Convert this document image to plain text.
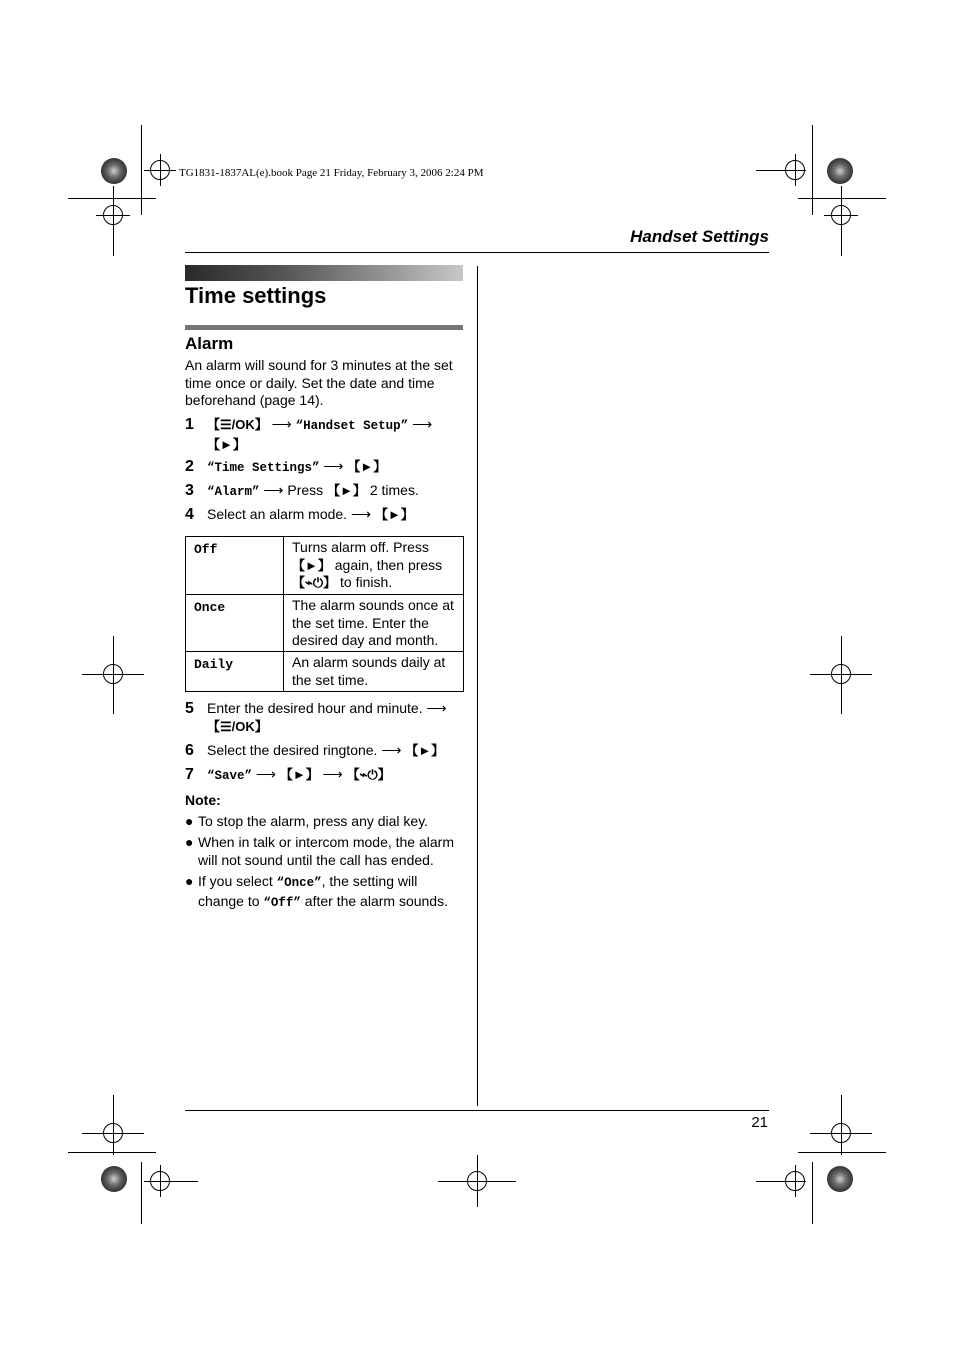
TG1831-1837AL(e).book Page 21 Friday, February 3, 2006 2:24 PM
Handset Settings
Time settings
Alarm
An alarm will sound for 3 minutes at the set time once or daily. Set the date and time beforehand (page 14).
1 【☰/OK】 ⟶ “Handset Setup” ⟶ 【►】
2 “Time Settings” ⟶ 【►】
3 “Alarm” ⟶ Press 【►】 2 times.
4 Select an alarm mode. ⟶ 【►】
Off	Turns alarm off. Press
【►】 again, then press
【⌁⏻】 to finish.
Once	The alarm sounds once at the set time. Enter the desired day and month.
Daily	An alarm sounds daily at the set time.
5 Enter the desired hour and minute. ⟶
【☰/OK】
6 Select the desired ringtone. ⟶ 【►】
7 “Save” ⟶ 【►】 ⟶ 【⌁⏻】
Note:
● To stop the alarm, press any dial key.
● When in talk or intercom mode, the alarm will not sound until the call has ended.
● If you select “Once”, the setting will change to “Off” after the alarm sounds.
21
